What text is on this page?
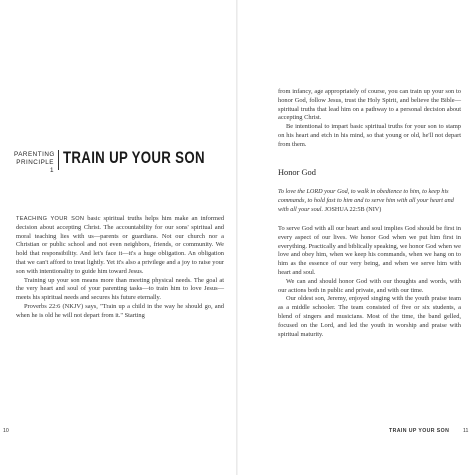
PARENTING
PRINCIPLE 1
TRAIN UP YOUR SON

TEACHING YOUR SON basic spiritual truths helps him make an informed decision about accepting Christ. The accountability for our sons' spiritual and moral teaching lies with us—parents or guardians. Not our church nor a Christian or public school and not even neighbors, friends, or community. We hold that responsibility. And let's face it—it's a huge obligation. An obligation that we can't afford to treat lightly. Yet it's also a privilege and a joy to raise your son with intentionality to guide him toward Jesus.

Training up your son means more than meeting physical needs. The goal at the very heart and soul of your parenting tasks—to train him to love Jesus—meets his spiritual needs and secures his future eternally.

Proverbs 22:6 (NKJV) says, "Train up a child in the way he should go, and when he is old he will not depart from it." Starting

10

from infancy, age appropriately of course, you can train up your son to honor God, follow Jesus, trust the Holy Spirit, and believe the Bible—spiritual truths that lead him on a pathway to a personal decision about accepting Christ.

Be intentional to impart basic spiritual truths for your son to stamp on his heart and etch in his mind, so that young or old, he'll not depart from them.

Honor God
To love the LORD your God, to walk in obedience to him, to keep his commands, to hold fast to him and to serve him with all your heart and with all your soul. JOSHUA 22:5B (NIV)

To serve God with all our heart and soul implies God should be first in every aspect of our lives. We honor God when we put him first in everything. Practically and biblically speaking, we honor God when we love and obey him, when we keep his commands, when we hang on to him as the essence of our very being, and when we serve him with heart and soul.

We can and should honor God with our thoughts and words, with our actions both in public and private, and with our time.

Our oldest son, Jeremy, enjoyed singing with the youth praise team as a middle schooler. The team consisted of five or six students, a blend of singers and musicians. Most of the time, the band gelled, focused on the Lord, and led the youth in worship and praise with spiritual maturity.

TRAIN UP YOUR SON	11
